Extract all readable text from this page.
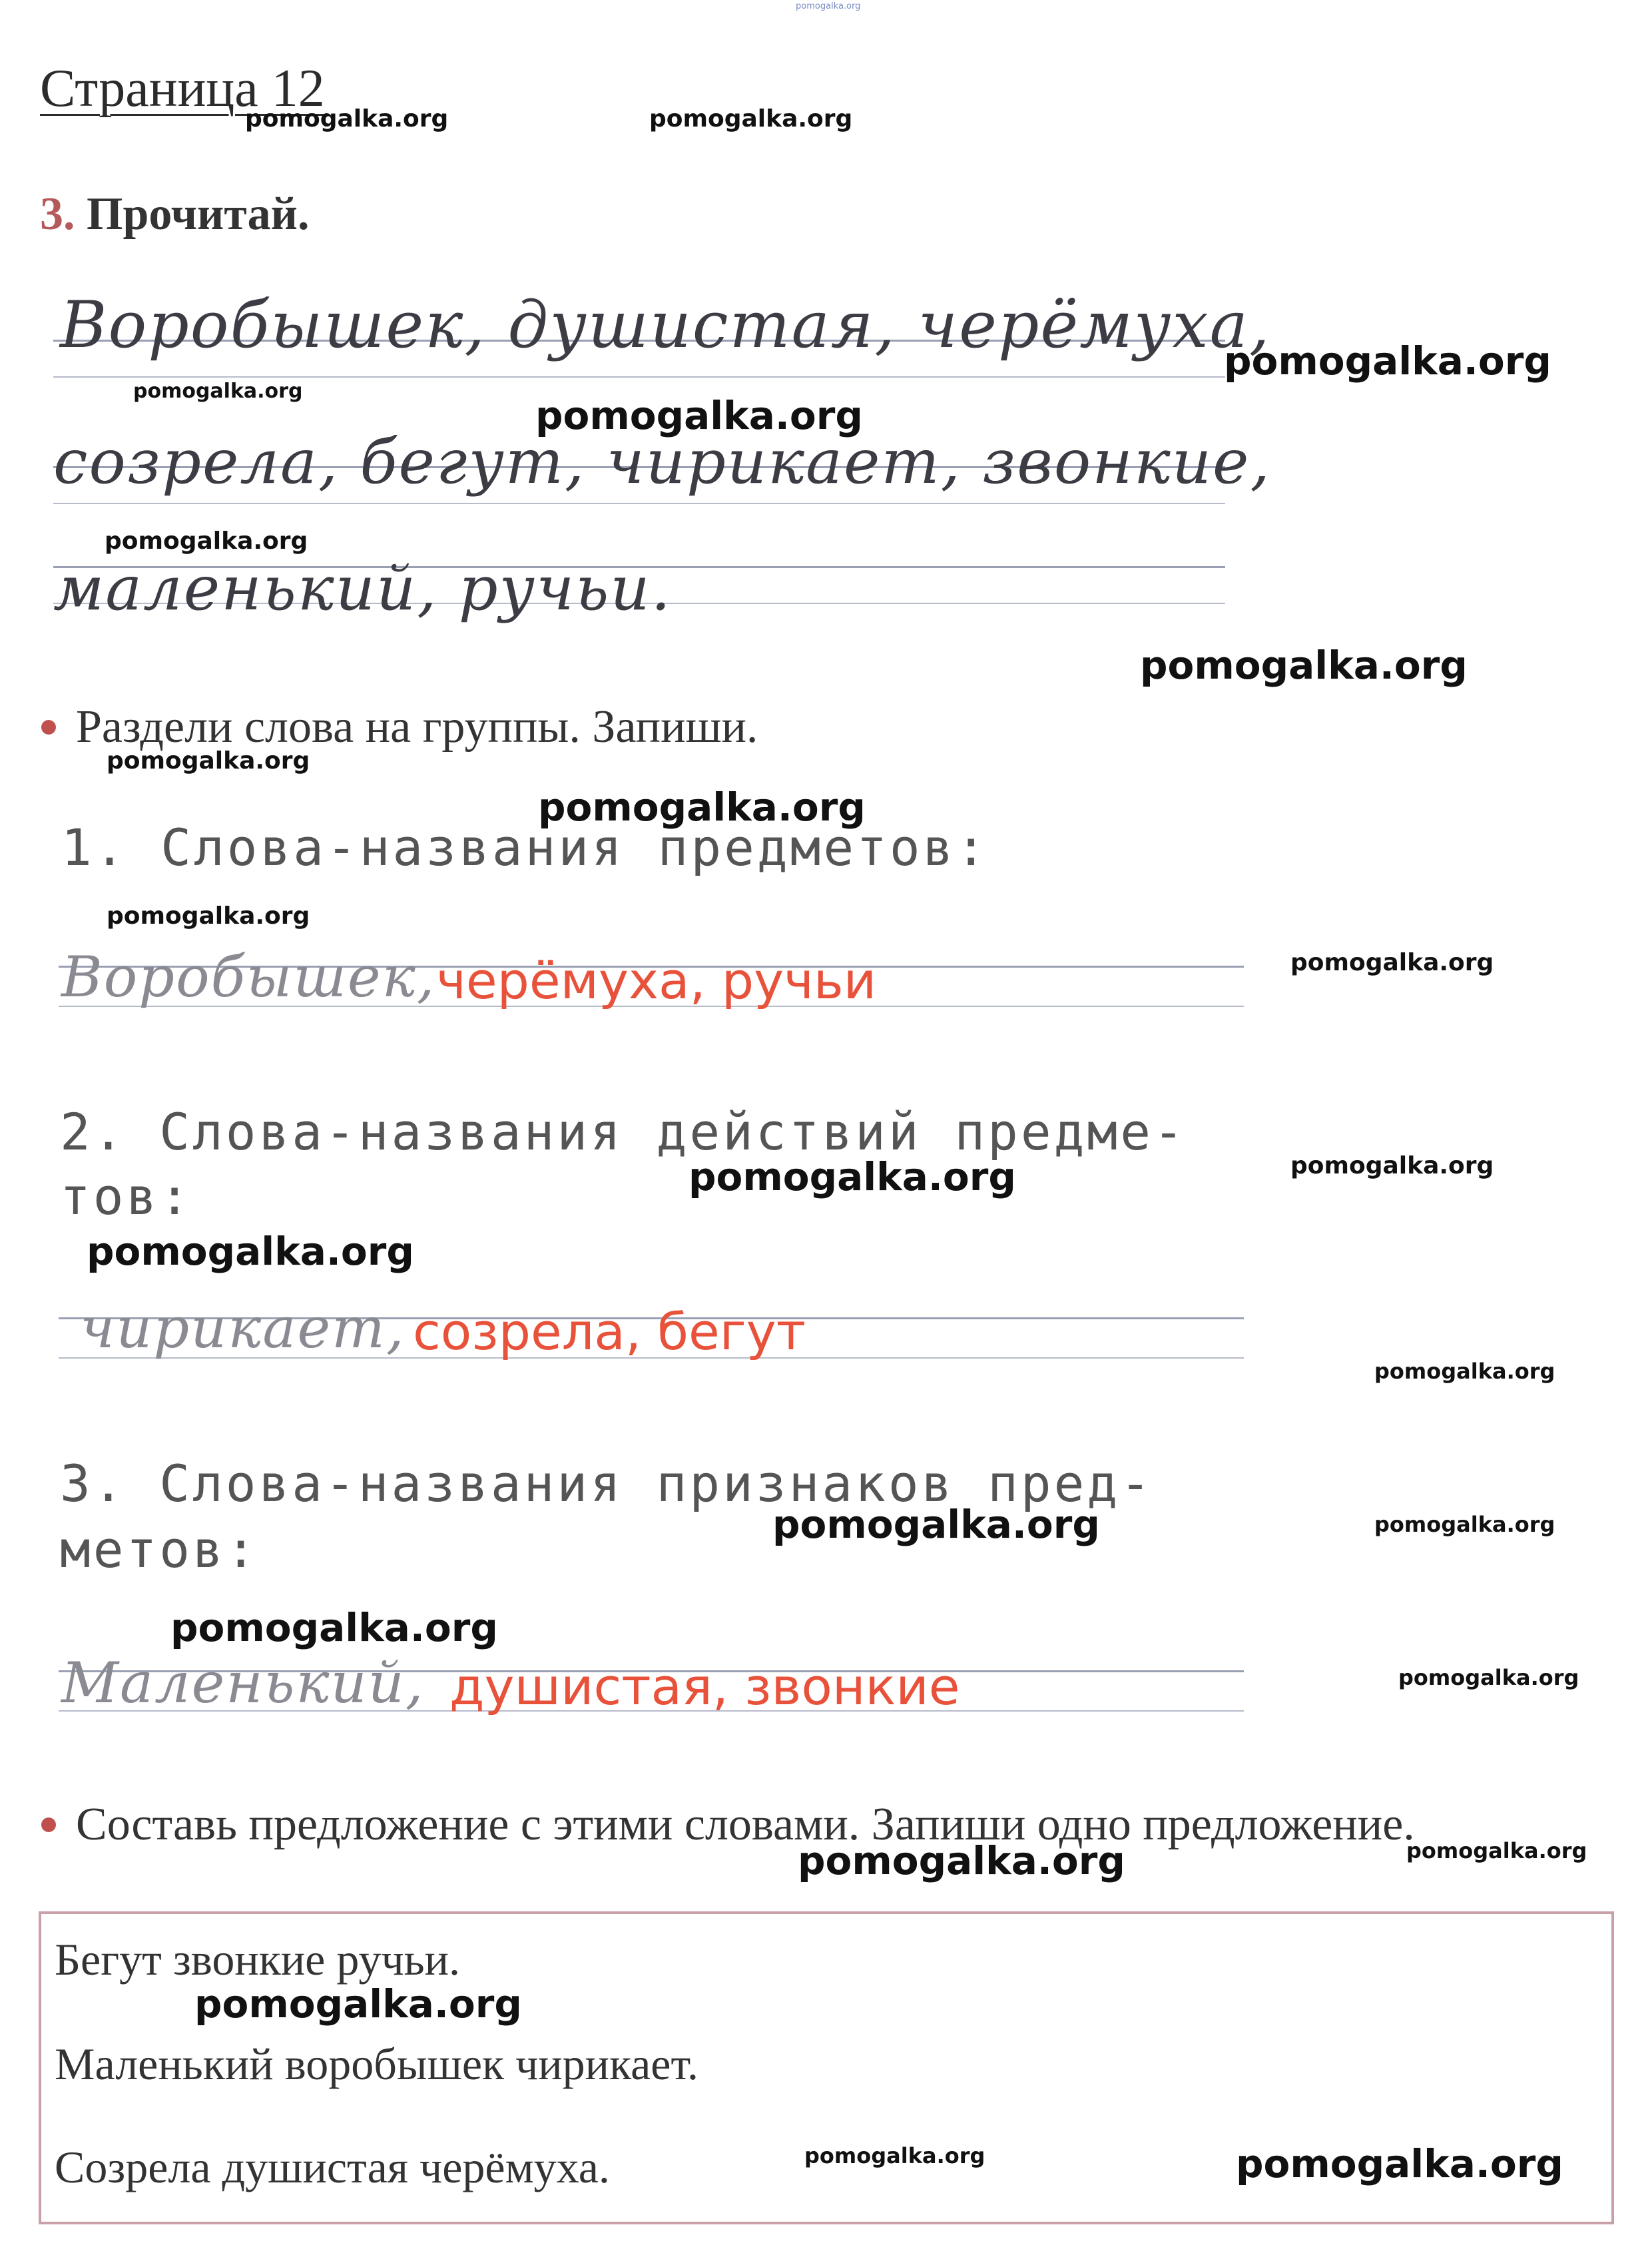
pomogalka.org
Страница 12
3. Прочитай.
Воробышек, душистая, черёмуха,
созрела, бегут, чирикает, звонкие,
маленький, ручьи.
Раздели слова на группы. Запиши.
1. Слова-названия предметов:
Воробышек, черёмуха, ручьи
2. Слова-названия действий предме-
тов:
чирикает, созрела, бегут
3. Слова-названия признаков пред-
метов:
Маленький, душистая, звонкие
Составь предложение с этими словами. Запиши одно предложение.
Бегут звонкие ручьи.
Маленький воробышек чирикает.
Созрела душистая черёмуха.
pomogalka.org	pomogalka.org
pomogalka.org
pomogalka.org
pomogalka.org
pomogalka.org
pomogalka.org
pomogalka.org
pomogalka.org
pomogalka.org
pomogalka.org
pomogalka.org
pomogalka.org
pomogalka.org
pomogalka.org
pomogalka.org
pomogalka.org
pomogalka.org
pomogalka.org
pomogalka.org	pomogalka.org
pomogalka.org
pomogalka.org	pomogalka.org
